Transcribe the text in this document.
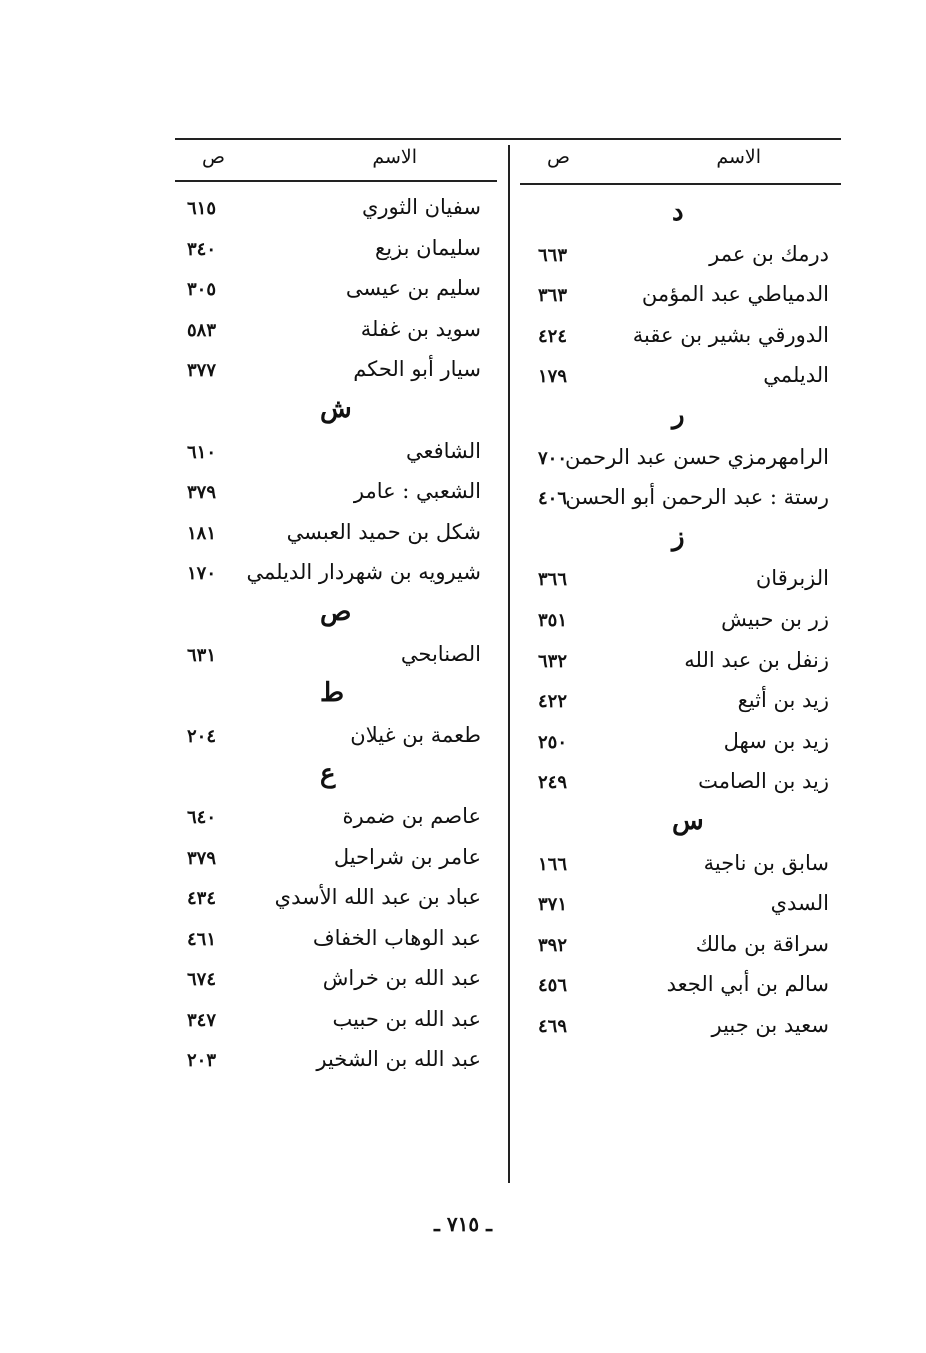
الاسم
ص
سفيان الثوري
٦١٥
سليمان بزيع
٣٤٠
سليم بن عيسى
٣٠٥
سويد بن غفلة
٥٨٣
سيار أبو الحكم
٣٧٧
ش
الشافعي
٦١٠
الشعبي : عامر
٣٧٩
شكل بن حميد العبسي
١٨١
شيرويه بن شهردار الديلمي
١٧٠
ص
الصنابحي
٦٣١
ط
طعمة بن غيلان
٢٠٤
ع
عاصم بن ضمرة
٦٤٠
عامر بن شراحيل
٣٧٩
عباد بن عبد الله الأسدي
٤٣٤
عبد الوهاب الخفاف
٤٦١
عبد الله بن خراش
٦٧٤
عبد الله بن حبيب
٣٤٧
عبد الله بن الشخير
٢٠٣
الاسم
ص
د
درمك بن عمر
٦٦٣
الدمياطي عبد المؤمن
٣٦٣
الدورقي بشير بن عقبة
٤٢٤
الديلمي
١٧٩
ر
الرامهرمزي حسن عبد الرحمن
٧٠٠
رستة : عبد الرحمن أبو الحسن
٤٠٦
ز
الزبرقان
٣٦٦
زر بن حبيش
٣٥١
زنفل بن عبد الله
٦٣٢
زيد بن أثيع
٤٢٢
زيد بن سهل
٢٥٠
زيد بن الصامت
٢٤٩
س
سابق بن ناجية
١٦٦
السدي
٣٧١
سراقة بن مالك
٣٩٢
سالم بن أبي الجعد
٤٥٦
سعيد بن جبير
٤٦٩
ـ ٧١٥ ـ
